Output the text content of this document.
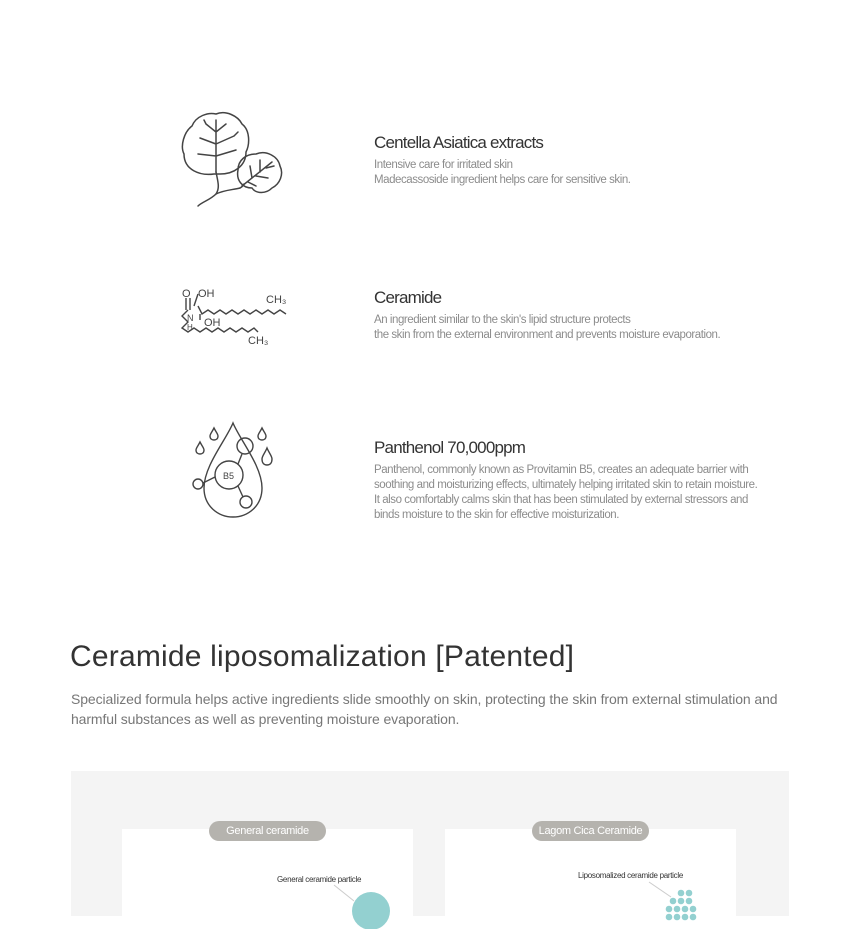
Centella Asiatica extracts
Intensive care for irritated skin
Madecassoside ingredient helps care for sensitive skin.
O OH
N
H OH
CH₃
CH₃
Ceramide
An ingredient similar to the skin's lipid structure protects
the skin from the external environment and prevents moisture evaporation.
B5
Panthenol 70,000ppm
Panthenol, commonly known as Provitamin B5, creates an adequate barrier with
soothing and moisturizing effects, ultimately helping irritated skin to retain moisture.
It also comfortably calms skin that has been stimulated by external stressors and
binds moisture to the skin for effective moisturization.
Ceramide liposomalization [Patented]
Specialized formula helps active ingredients slide smoothly on skin, protecting the skin from external stimulation and harmful substances as well as preventing moisture evaporation.
General ceramide particle	Liposomalized ceramide particle
General ceramide	Lagom Cica Ceramide
